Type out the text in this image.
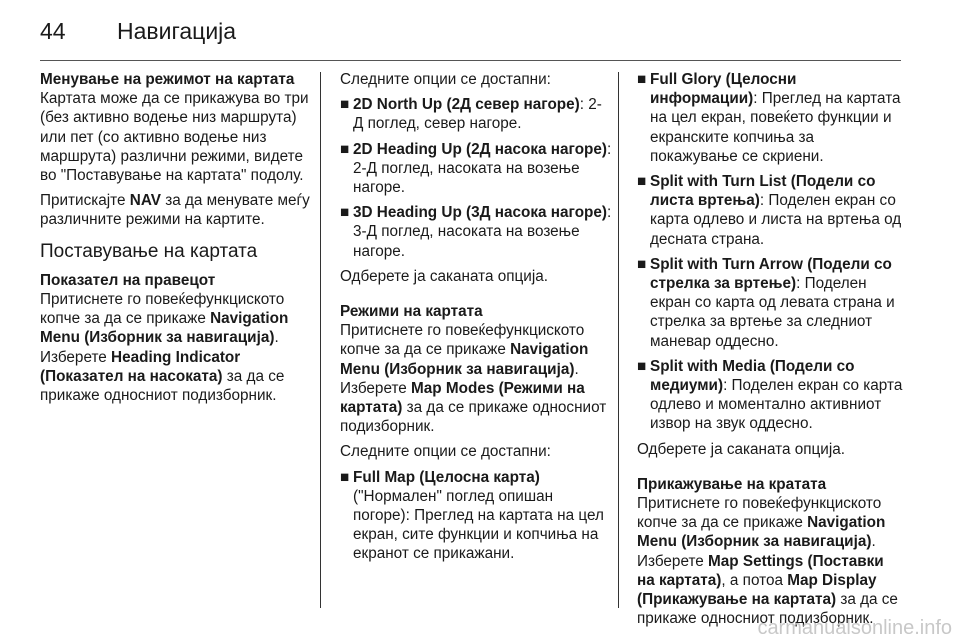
44 Навигација
Менување на режимот на картата

Картата може да се прикажува во три (без активно водење низ маршрута) или пет (со активно водење низ маршрута) различни режими, видете во "Поставување на картата" подолу.

Притискајте NAV за да менувате меѓу различните режими на картите.

Поставување на картата
Показател на правецот

Притиснете го повеќефункциското копче за да се прикаже Navigation Menu (Изборник за навигација). Изберете Heading Indicator (Показател на насоката) за да се прикаже односниот подизборник.

Следните опции се достапни:

■ 2D North Up (2Д север нагоре): 2-Д поглед, север нагоре.
■ 2D Heading Up (2Д насока нагоре): 2-Д поглед, насоката на возење нагоре.
■ 3D Heading Up (3Д насока нагоре): 3-Д поглед, насоката на возење нагоре.

Одберете ја саканата опција.

Режими на картата

Притиснете го повеќефункциското копче за да се прикаже Navigation Menu (Изборник за навигација). Изберете Map Modes (Режими на картата) за да се прикаже односниот подизборник.

Следните опции се достапни:

■ Full Map (Целосна карта) ("Нормален" поглед опишан погоре): Преглед на картата на цел екран, сите функции и копчиња на екранот се прикажани.
■ Full Glory (Целосни информации): Преглед на картата на цел екран, повеќето функции и екранските копчиња за покажување се скриени.
■ Split with Turn List (Подели со листа вртења): Поделен екран со карта одлево и листа на вртења од десната страна.
■ Split with Turn Arrow (Подели со стрелка за вртење): Поделен екран со карта од левата страна и стрелка за вртење за следниот маневар оддесно.
■ Split with Media (Подели со медиуми): Поделен екран со карта одлево и моментално активниот извор на звук оддесно.

Одберете ја саканата опција.

Прикажување на кратата

Притиснете го повеќефункциското копче за да се прикаже Navigation Menu (Изборник за навигација). Изберете Map Settings (Поставки на картата), а потоа Map Display (Прикажување на картата) за да се прикаже односниот подизборник.

carmanualsonline.info
